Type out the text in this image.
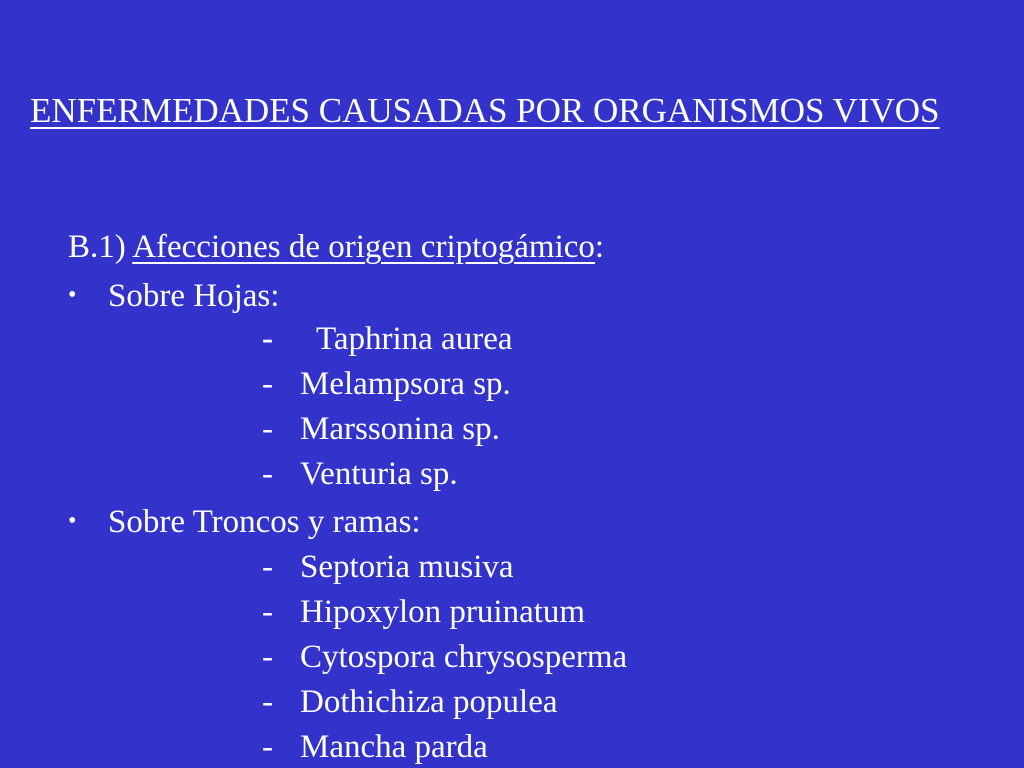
ENFERMEDADES CAUSADAS POR ORGANISMOS VIVOS
B.1) Afecciones de origen criptogámico:
• Sobre Hojas:
- Taphrina aurea
- Melampsora sp.
- Marssonina sp.
- Venturia sp.
• Sobre Troncos y ramas:
- Septoria musiva
- Hipoxylon pruinatum
- Cytospora chrysosperma
- Dothichiza populea
- Mancha parda
